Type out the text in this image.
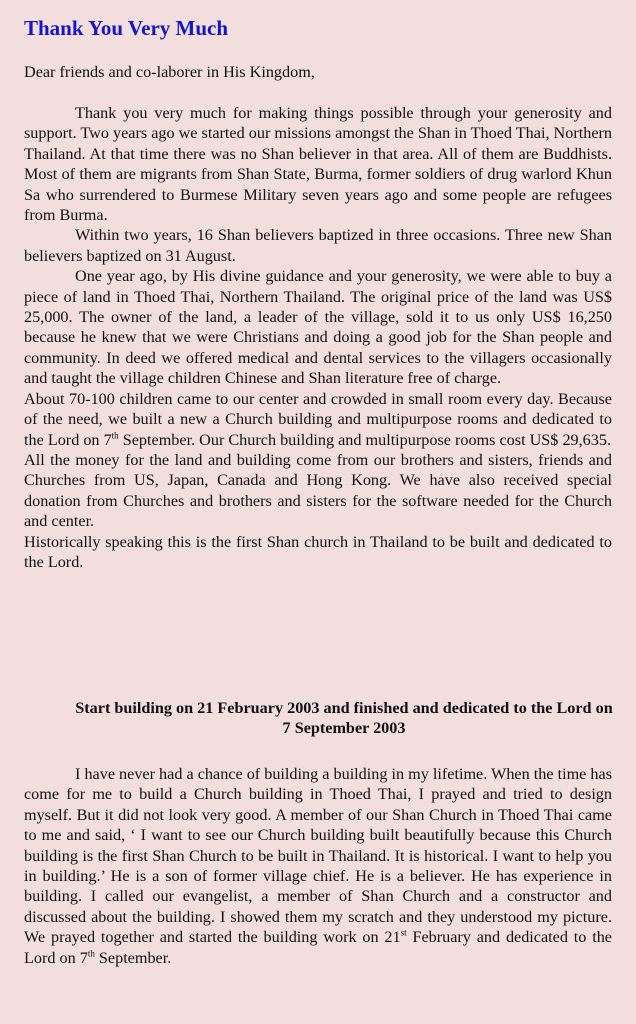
Thank You Very Much
Dear friends and co-laborer in His Kingdom,

Thank you very much for making things possible through your generosity and support. Two years ago we started our missions amongst the Shan in Thoed Thai, Northern Thailand. At that time there was no Shan believer in that area. All of them are Buddhists. Most of them are migrants from Shan State, Burma, former soldiers of drug warlord Khun Sa who surrendered to Burmese Military seven years ago and some people are refugees from Burma.

Within two years, 16 Shan believers baptized in three occasions. Three new Shan believers baptized on 31 August.

One year ago, by His divine guidance and your generosity, we were able to buy a piece of land in Thoed Thai, Northern Thailand. The original price of the land was US$ 25,000. The owner of the land, a leader of the village, sold it to us only US$ 16,250 because he knew that we were Christians and doing a good job for the Shan people and community. In deed we offered medical and dental services to the villagers occasionally and taught the village children Chinese and Shan literature free of charge.

About 70-100 children came to our center and crowded in small room every day. Because of the need, we built a new a Church building and multipurpose rooms and dedicated to the Lord on 7th September. Our Church building and multipurpose rooms cost US$ 29,635.

All the money for the land and building come from our brothers and sisters, friends and Churches from US, Japan, Canada and Hong Kong. We have also received special donation from Churches and brothers and sisters for the software needed for the Church and center.

Historically speaking this is the first Shan church in Thailand to be built and dedicated to the Lord.

Start building on 21 February 2003 and finished and dedicated to the Lord on 7 September 2003

I have never had a chance of building a building in my lifetime. When the time has come for me to build a Church building in Thoed Thai, I prayed and tried to design myself. But it did not look very good. A member of our Shan Church in Thoed Thai came to me and said, ‘ I want to see our Church building built beautifully because this Church building is the first Shan Church to be built in Thailand. It is historical. I want to help you in building.’ He is a son of former village chief. He is a believer. He has experience in building. I called our evangelist, a member of Shan Church and a constructor and discussed about the building. I showed them my scratch and they understood my picture. We prayed together and started the building work on 21st February and dedicated to the Lord on 7th September.
